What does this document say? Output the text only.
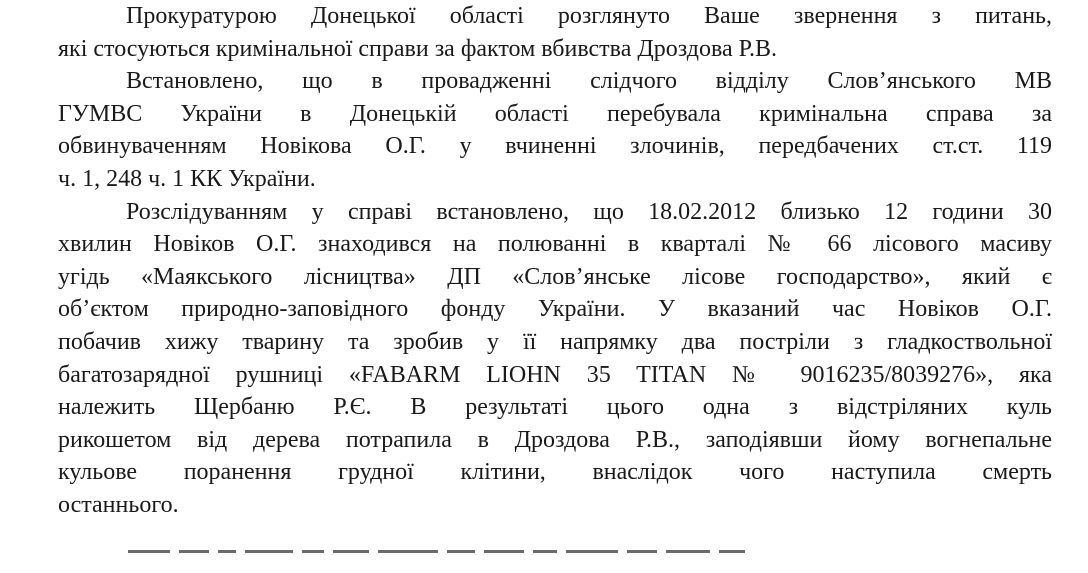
Прокуратурою Донецької області розглянуто Ваше звернення з питань,
які стосуються кримінальної справи за фактом вбивства Дроздова Р.В.
Встановлено, що в провадженні слідчого відділу Слов’янського МВ
ГУМВС України в Донецькій області перебувала кримінальна справа за
обвинуваченням Новікова О.Г. у вчиненні злочинів, передбачених ст.ст. 119
ч. 1, 248 ч. 1 КК України.
Розслідуванням у справі встановлено, що 18.02.2012 близько 12 години 30
хвилин Новіков О.Г. знаходився на полюванні в кварталі № 66 лісового масиву
угідь «Маякського лісництва» ДП «Слов’янське лісове господарство», який є
об’єктом природно-заповідного фонду України. У вказаний час Новіков О.Г.
побачив хижу тварину та зробив у її напрямку два постріли з гладкоствольної
багатозарядної рушниці «FABARM LIOHN 35 TITAN № 9016235/8039276», яка
належить Щербаню Р.Є. В результаті цього одна з відстріляних куль
рикошетом від дерева потрапила в Дроздова Р.В., заподіявши йому вогнепальне
кульове поранення грудної клітини, внаслідок чого наступила смерть
останнього.
